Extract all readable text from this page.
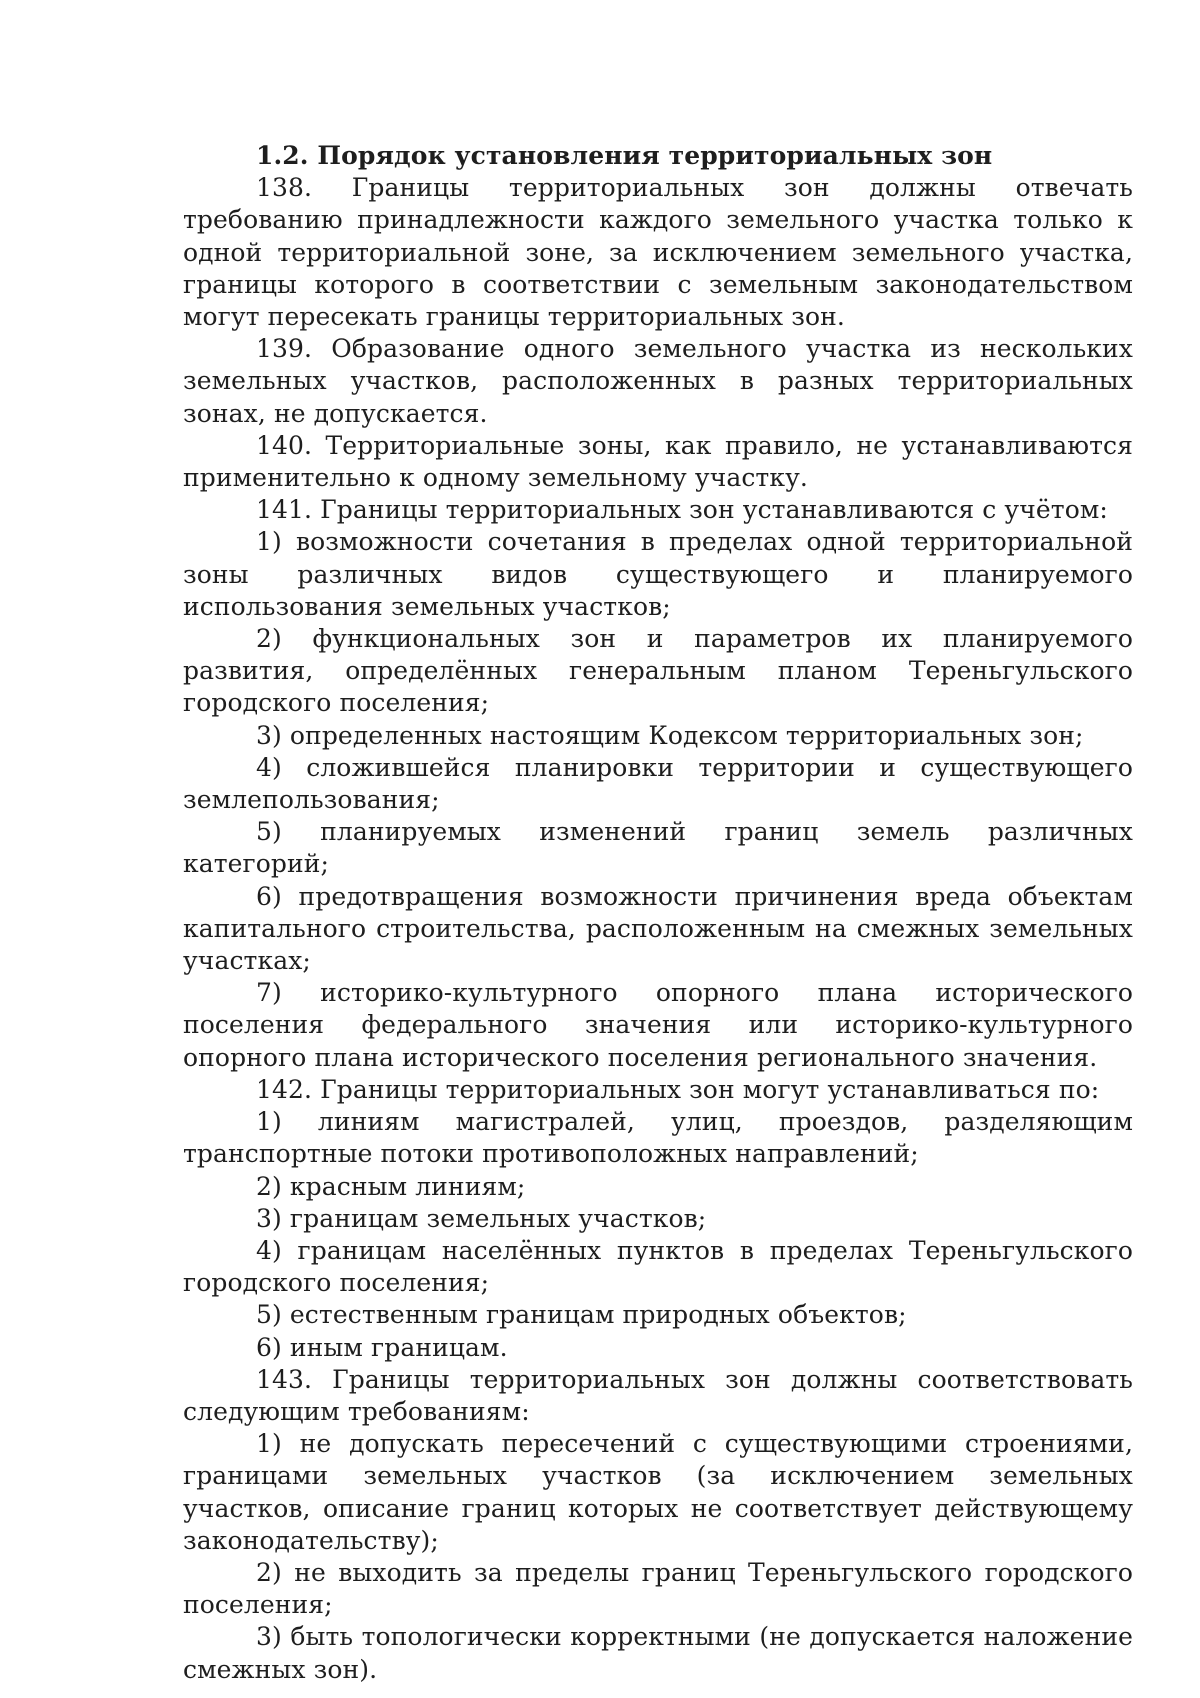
1.2. Порядок установления территориальных зон

138. Границы территориальных зон должны отвечать требованию принадлежности каждого земельного участка только к одной территориальной зоне, за исключением земельного участка, границы которого в соответствии с земельным законодательством могут пересекать границы территориальных зон.

139. Образование одного земельного участка из нескольких земельных участков, расположенных в разных территориальных зонах, не допускается.

140. Территориальные зоны, как правило, не устанавливаются применительно к одному земельному участку.

141. Границы территориальных зон устанавливаются с учётом:

1) возможности сочетания в пределах одной территориальной зоны различных видов существующего и планируемого использования земельных участков;

2) функциональных зон и параметров их планируемого развития, определённых генеральным планом Тереньгульского городского поселения;

3) определенных настоящим Кодексом территориальных зон;

4) сложившейся планировки территории и существующего землепользования;

5) планируемых изменений границ земель различных категорий;

6) предотвращения возможности причинения вреда объектам капитального строительства, расположенным на смежных земельных участках;

7) историко-культурного опорного плана исторического поселения федерального значения или историко-культурного опорного плана исторического поселения регионального значения.

142. Границы территориальных зон могут устанавливаться по:

1) линиям магистралей, улиц, проездов, разделяющим транспортные потоки противоположных направлений;

2) красным линиям;

3) границам земельных участков;

4) границам населённых пунктов в пределах Тереньгульского городского поселения;

5) естественным границам природных объектов;

6) иным границам.

143. Границы территориальных зон должны соответствовать следующим требованиям:

1) не допускать пересечений с существующими строениями, границами земельных участков (за исключением земельных участков, описание границ которых не соответствует действующему законодательству);

2) не выходить за пределы границ Тереньгульского городского поселения;

3) быть топологически корректными (не допускается наложение смежных зон).
